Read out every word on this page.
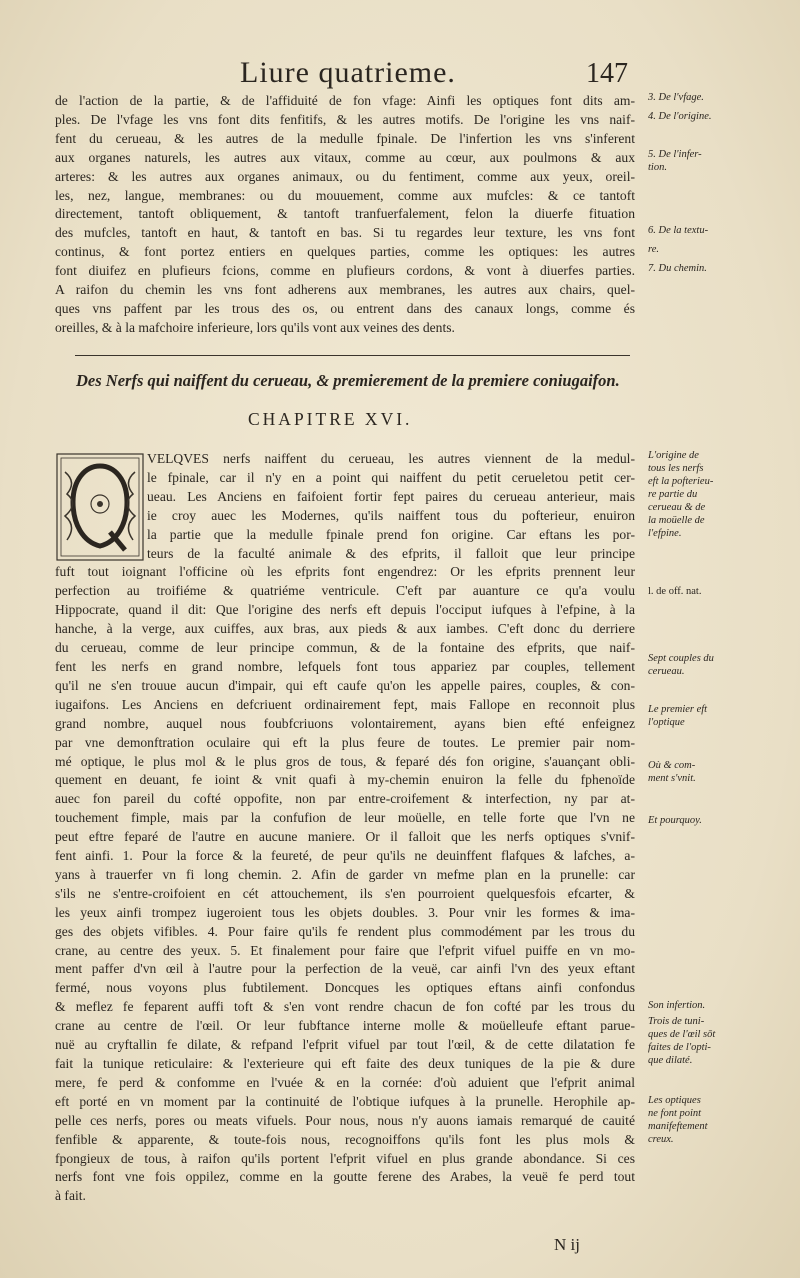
Liure quatrieme.	147

de l'action de la partie, & de l'affiduité de fon vfage: Ainfi les optiques font dits am-

ples. De l'vfage les vns font dits fenfitifs, & les autres motifs. De l'origine les vns naif-

fent du cerueau, & les autres de la medulle fpinale. De l'infertion les vns s'inferent

aux organes naturels, les autres aux vitaux, comme au cœur, aux poulmons & aux

arteres: & les autres aux organes animaux, ou du fentiment, comme aux yeux, oreil-

les, nez, langue, membranes: ou du mouuement, comme aux mufcles: & ce tantoft

directement, tantoft obliquement, & tantoft tranfuerfalement, felon la diuerfe fituation

des mufcles, tantoft en haut, & tantoft en bas. Si tu regardes leur texture, les vns font

continus, & font portez entiers en quelques parties, comme les optiques: les autres

font diuifez en plufieurs fcions, comme en plufieurs cordons, & vont à diuerfes parties.

A raifon du chemin les vns font adherens aux membranes, les autres aux chairs, quel-

ques vns paffent par les trous des os, ou entrent dans des canaux longs, comme és

oreilles, & à la mafchoire inferieure, lors qu'ils vont aux veines des dents.

3. De l'vfage.
4. De l'origine.
5. De l'infer-
tion.
6. De la textu-
re.
7. Du chemin.
Des Nerfs qui naiffent du cerueau, & premierement de la premiere coniugaifon.
CHAPITRE XVI.

VELQVES nerfs naiffent du cerueau, les autres viennent de la medul-

le fpinale, car il n'y en a point qui naiffent du petit cerueletou petit cer-

ueau. Les Anciens en faifoient fortir fept paires du cerueau anterieur, mais

ie croy auec les Modernes, qu'ils naiffent tous du pofterieur, enuiron

la partie que la medulle fpinale prend fon origine. Car eftans les por-

teurs de la faculté animale & des efprits, il falloit que leur principe

fuft tout ioignant l'officine où les efprits font engendrez: Or les efprits prennent leur

perfection au troifiéme & quatriéme ventricule. C'eft par auanture ce qu'a voulu

Hippocrate, quand il dit: Que l'origine des nerfs eft depuis l'occiput iufques à l'efpine, à la

hanche, à la verge, aux cuiffes, aux bras, aux pieds & aux iambes. C'eft donc du derriere

du cerueau, comme de leur principe commun, & de la fontaine des efprits, que naif-

fent les nerfs en grand nombre, lefquels font tous appariez par couples, tellement

qu'il ne s'en trouue aucun d'impair, qui eft caufe qu'on les appelle paires, couples, & con-

iugaifons. Les Anciens en defcriuent ordinairement fept, mais Fallope en reconnoit plus

grand nombre, auquel nous foubfcriuons volontairement, ayans bien efté enfeignez

par vne demonftration oculaire qui eft la plus feure de toutes. Le premier pair nom-

mé optique, le plus mol & le plus gros de tous, & feparé dés fon origine, s'auançant obli-

quement en deuant, fe ioint & vnit quafi à my-chemin enuiron la felle du fphenoïde

auec fon pareil du cofté oppofite, non par entre-croifement & interfection, ny par at-

touchement fimple, mais par la confufion de leur moüelle, en telle forte que l'vn ne

peut eftre feparé de l'autre en aucune maniere. Or il falloit que les nerfs optiques s'vnif-

fent ainfi. 1. Pour la force & la feureté, de peur qu'ils ne deuinffent flafques & lafches, a-

yans à trauerfer vn fi long chemin. 2. Afin de garder vn mefme plan en la prunelle: car

s'ils ne s'entre-croifoient en cét attouchement, ils s'en pourroient quelquesfois efcarter, &

les yeux ainfi trompez iugeroient tous les objets doubles. 3. Pour vnir les formes & ima-

ges des objets vifibles. 4. Pour faire qu'ils fe rendent plus commodément par les trous du

crane, au centre des yeux. 5. Et finalement pour faire que l'efprit vifuel puiffe en vn mo-

ment paffer d'vn œil à l'autre pour la perfection de la veuë, car ainfi l'vn des yeux eftant

fermé, nous voyons plus fubtilement. Doncques les optiques eftans ainfi confondus

& meflez fe feparent auffi toft & s'en vont rendre chacun de fon cofté par les trous du

crane au centre de l'œil. Or leur fubftance interne molle & moüelleufe eftant parue-

nuë au cryftallin fe dilate, & refpand l'efprit vifuel par tout l'œil, & de cette dilatation fe

fait la tunique reticulaire: & l'exterieure qui eft faite des deux tuniques de la pie & dure

mere, fe perd & confomme en l'vuée & en la cornée: d'où aduient que l'efprit animal

eft porté en vn moment par la continuité de l'obtique iufques à la prunelle. Herophile ap-

pelle ces nerfs, pores ou meats vifuels. Pour nous, nous n'y auons iamais remarqué de cauité

fenfible & apparente, & toute-fois nous, recognoiffons qu'ils font les plus mols &

fpongieux de tous, à raifon qu'ils portent l'efprit vifuel en plus grande abondance. Si ces

nerfs font vne fois oppilez, comme en la goutte ferene des Arabes, la veuë fe perd tout

à fait.

L'origine de
tous les nerfs
eft la pofterieu-
re partie du
cerueau & de
la moüelle de
l'efpine.
l. de off. nat.
Sept couples du
cerueau.
Le premier eft
l'optique
Où & com-
ment s'vnit.
Et pourquoy.
Son infertion.
Trois de tuni-
ques de l'œil sōt
faites de l'opti-
que dilaté.
Les optiques
ne font point
manifeftement
creux.
N ij
